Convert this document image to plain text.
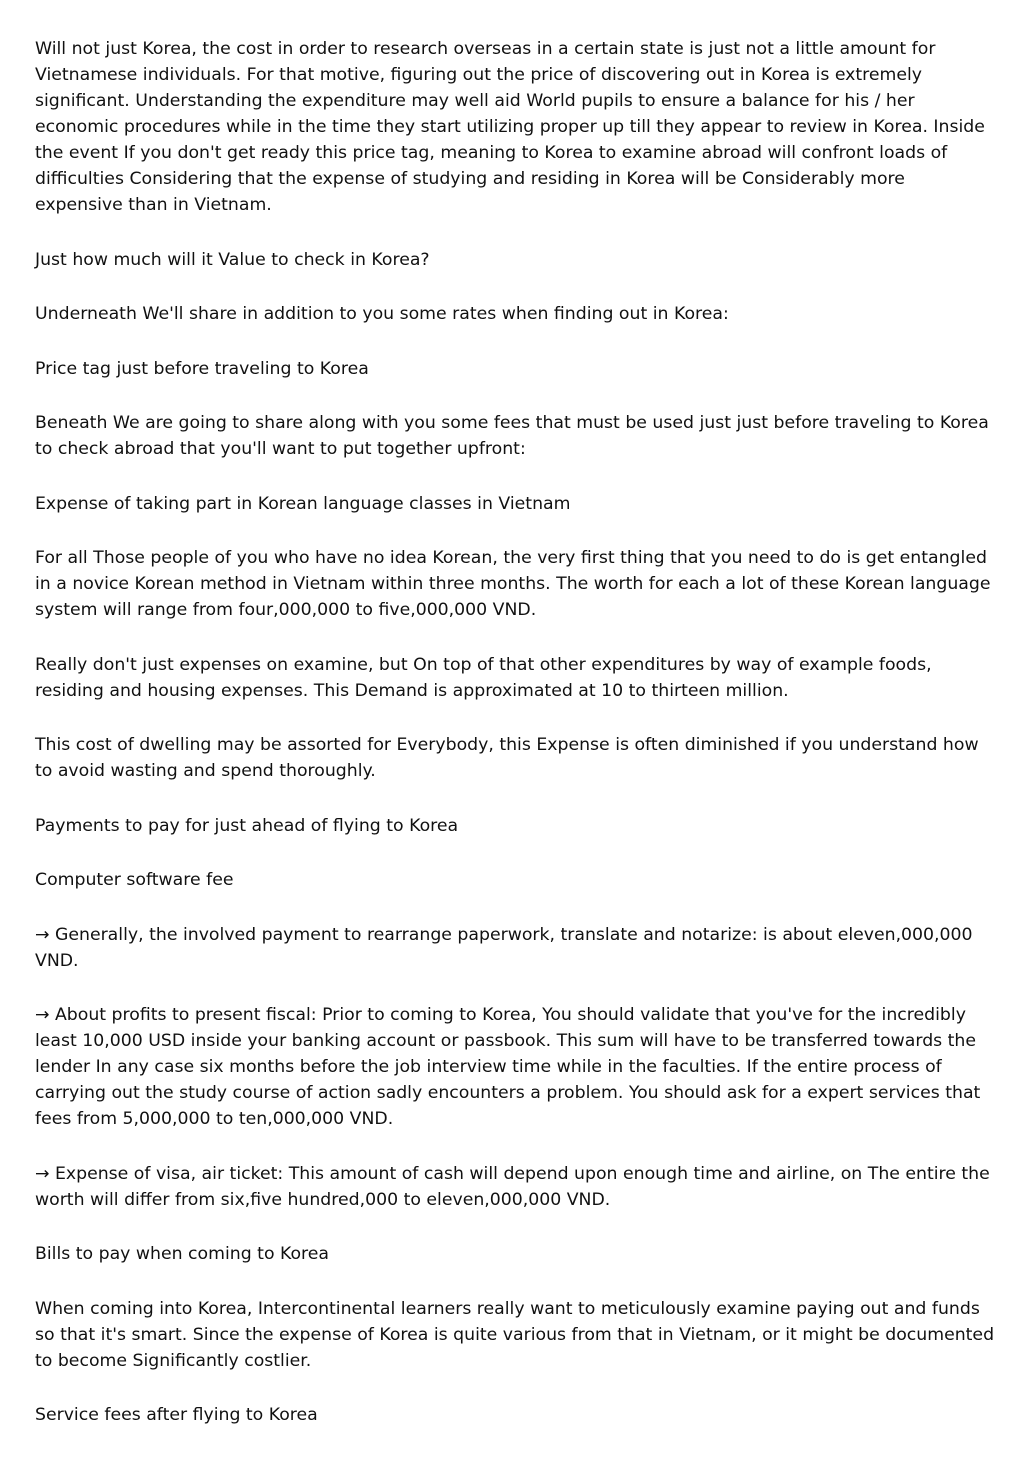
Will not just Korea, the cost in order to research overseas in a certain state is just not a little amount for Vietnamese individuals. For that motive, figuring out the price of discovering out in Korea is extremely significant. Understanding the expenditure may well aid World pupils to ensure a balance for his / her economic procedures while in the time they start utilizing proper up till they appear to review in Korea. Inside the event If you don't get ready this price tag, meaning to Korea to examine abroad will confront loads of difficulties Considering that the expense of studying and residing in Korea will be Considerably more expensive than in Vietnam.

Just how much will it Value to check in Korea?

Underneath We'll share in addition to you some rates when finding out in Korea:

Price tag just before traveling to Korea

Beneath We are going to share along with you some fees that must be used just just before traveling to Korea to check abroad that you'll want to put together upfront:

Expense of taking part in Korean language classes in Vietnam

For all Those people of you who have no idea Korean, the very first thing that you need to do is get entangled in a novice Korean method in Vietnam within three months. The worth for each a lot of these Korean language system will range from four,000,000 to five,000,000 VND.

Really don't just expenses on examine, but On top of that other expenditures by way of example foods, residing and housing expenses. This Demand is approximated at 10 to thirteen million.

This cost of dwelling may be assorted for Everybody, this Expense is often diminished if you understand how to avoid wasting and spend thoroughly.

Payments to pay for just ahead of flying to Korea

Computer software fee

→ Generally, the involved payment to rearrange paperwork, translate and notarize: is about eleven,000,000 VND.

→ About profits to present fiscal: Prior to coming to Korea, You should validate that you've for the incredibly least 10,000 USD inside your banking account or passbook. This sum will have to be transferred towards the lender In any case six months before the job interview time while in the faculties. If the entire process of carrying out the study course of action sadly encounters a problem. You should ask for a expert services that fees from 5,000,000 to ten,000,000 VND.

→ Expense of visa, air ticket: This amount of cash will depend upon enough time and airline, on The entire the worth will differ from six,five hundred,000 to eleven,000,000 VND.

Bills to pay when coming to Korea

When coming into Korea, Intercontinental learners really want to meticulously examine paying out and funds so that it's smart. Since the expense of Korea is quite various from that in Vietnam, or it might be documented to become Significantly costlier.

Service fees after flying to Korea
